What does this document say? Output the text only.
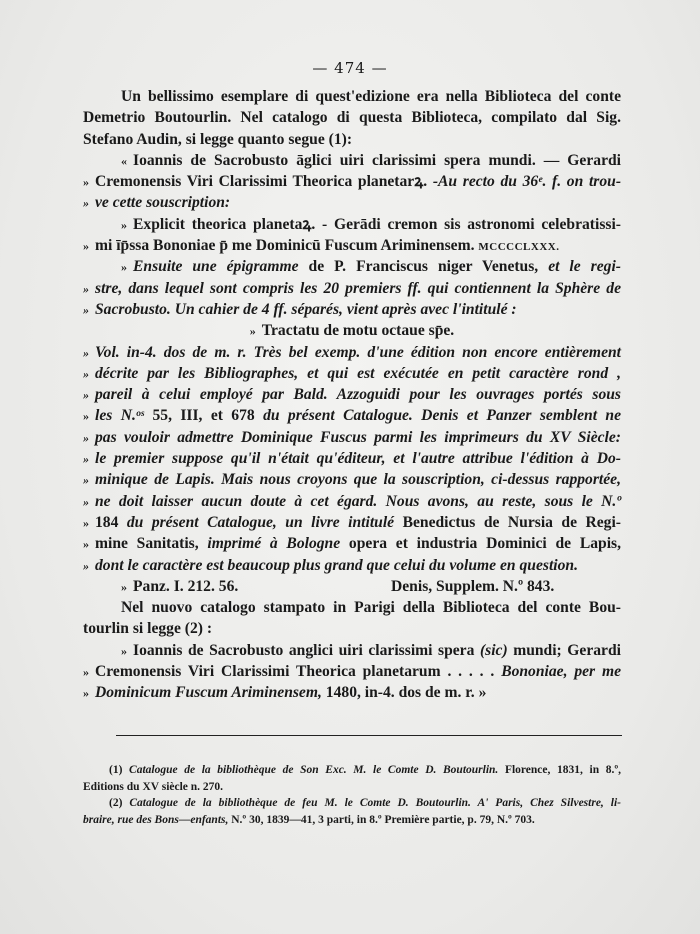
— 474 —
Un bellissimo esemplare di quest'edizione era nella Biblioteca del conte
Demetrio Boutourlin. Nel catalogo di questa Biblioteca, compilato dal Sig.
Stefano Audin, si legge quanto segue (1):
« Ioannis de Sacrobusto āglici uiri clarissimi spera mundi. — Gerardi
» Cremonensis Viri Clarissimi Theorica planetarꝝ. -Au recto du 36ᵉ. f. on trou-
» ve cette souscription:
» Explicit theorica planetaꝝ. - Gerādi cremon sis astronomi celebratissi-
» mi īp̄ssa Bononiae p̄ me Dominicū Fuscum Ariminensem. MCCCCLXXX.
» Ensuite une épigramme de P. Franciscus niger Venetus, et le regi-
» stre, dans lequel sont compris les 20 premiers ff. qui contiennent la Sphère de
» Sacrobusto. Un cahier de 4 ff. séparés, vient après avec l'intitulé :
» Tractatu de motu octaue sp̄e.
» Vol. in-4. dos de m. r. Très bel exemp. d'une édition non encore entièrement
» décrite par les Bibliographes, et qui est exécutée en petit caractère rond ,
» pareil à celui employé par Bald. Azzoguidi pour les ouvrages portés sous
» les N.ᵒˢ 55, III, et 678 du présent Catalogue. Denis et Panzer semblent ne
» pas vouloir admettre Dominique Fuscus parmi les imprimeurs du XV Siècle:
» le premier suppose qu'il n'était qu'éditeur, et l'autre attribue l'édition à Do-
» minique de Lapis. Mais nous croyons que la souscription, ci-dessus rapportée,
» ne doit laisser aucun doute à cet égard. Nous avons, au reste, sous le N.º
» 184 du présent Catalogue, un livre intitulé Benedictus de Nursia de Regi-
» mine Sanitatis, imprimé à Bologne opera et industria Dominici de Lapis,
» dont le caractère est beaucoup plus grand que celui du volume en question.
» Panz. I. 212. 56.	Denis, Supplem. N.º 843.
Nel nuovo catalogo stampato in Parigi della Biblioteca del conte Bou-
tourlin si legge (2) :
» Ioannis de Sacrobusto anglici uiri clarissimi spera (sic) mundi; Gerardi
» Cremonensis Viri Clarissimi Theorica planetarum . . . . . Bononiae, per me
» Dominicum Fuscum Ariminensem, 1480, in-4. dos de m. r. »
(1) Catalogue de la bibliothèque de Son Exc. M. le Comte D. Boutourlin. Florence, 1831, in 8.º,
Editions du XV siècle n. 270.
(2) Catalogue de la bibliothèque de feu M. le Comte D. Boutourlin. A' Paris, Chez Silvestre, li-
braire, rue des Bons—enfants, N.º 30, 1839—41, 3 parti, in 8.º Première partie, p. 79, N.º 703.
